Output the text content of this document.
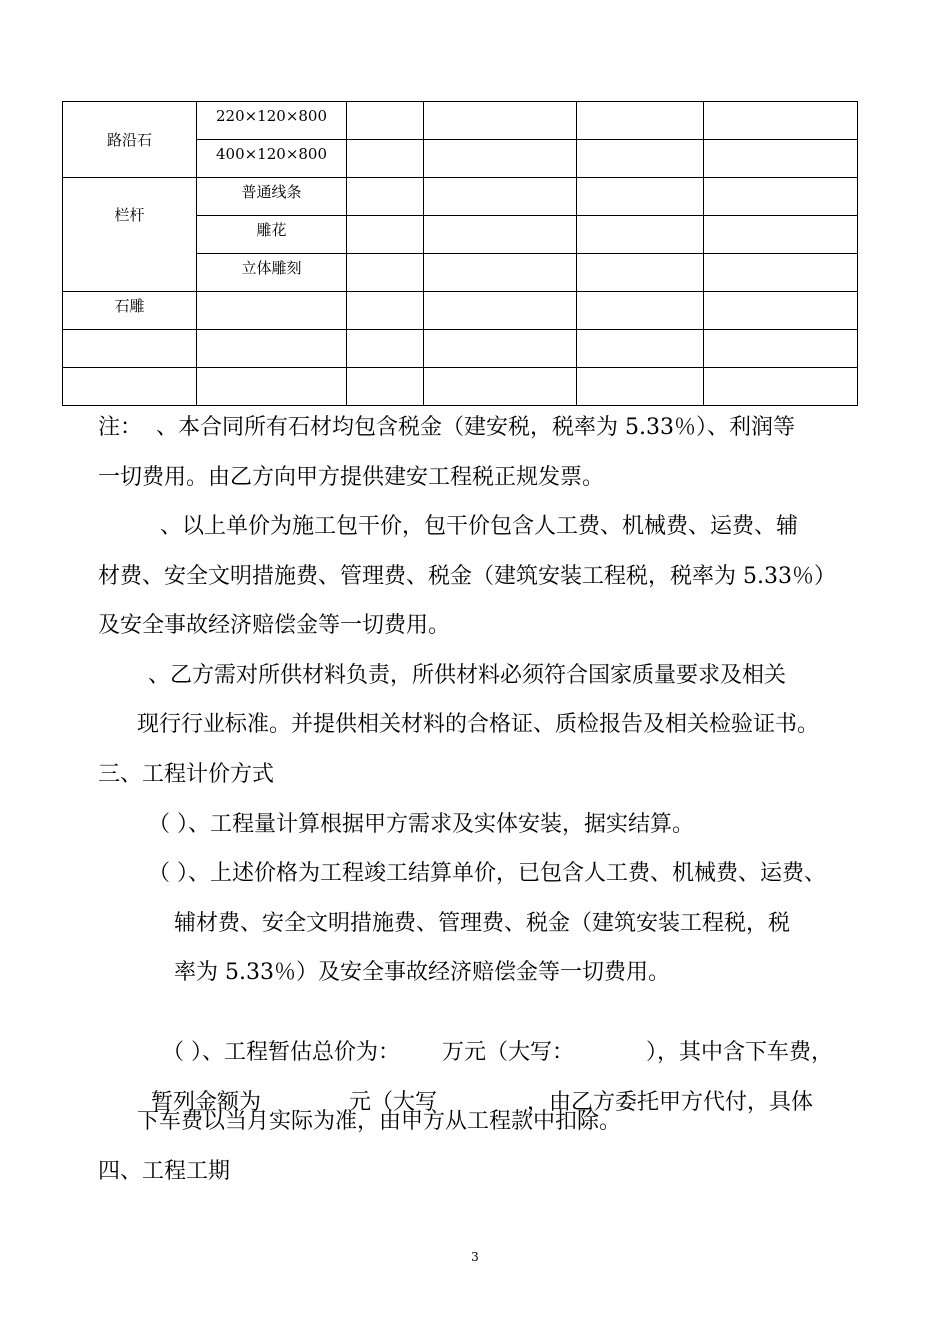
路沿石	220×120×800				
	400×120×800				
栏杆	普通线条				
	雕花				
	立体雕刻				
石雕					

注：  、本合同所有石材均包含税金（建安税，税率为 5.33％）、利润等
一切费用。由乙方向甲方提供建安工程税正规发票。
、以上单价为施工包干价，包干价包含人工费、机械费、运费、辅
材费、安全文明措施费、管理费、税金（建筑安装工程税，税率为 5.33％）
及安全事故经济赔偿金等一切费用。
、乙方需对所供材料负责，所供材料必须符合国家质量要求及相关
现行行业标准。并提供相关材料的合格证、质检报告及相关检验证书。
三、工程计价方式
（ ）、工程量计算根据甲方需求及实体安装，据实结算。
（ ）、上述价格为工程竣工结算单价，已包含人工费、机械费、运费、
辅材费、安全文明措施费、管理费、税金（建筑安装工程税，税
率为 5.33％）及安全事故经济赔偿金等一切费用。

（ ）、工程暂估总价为： 万元（大写：	），其中含下车费，

暂列金额为	元（大写	，由乙方委托甲方代付，具体

下车费以当月实际为准，由甲方从工程款中扣除。
四、工程工期
3
